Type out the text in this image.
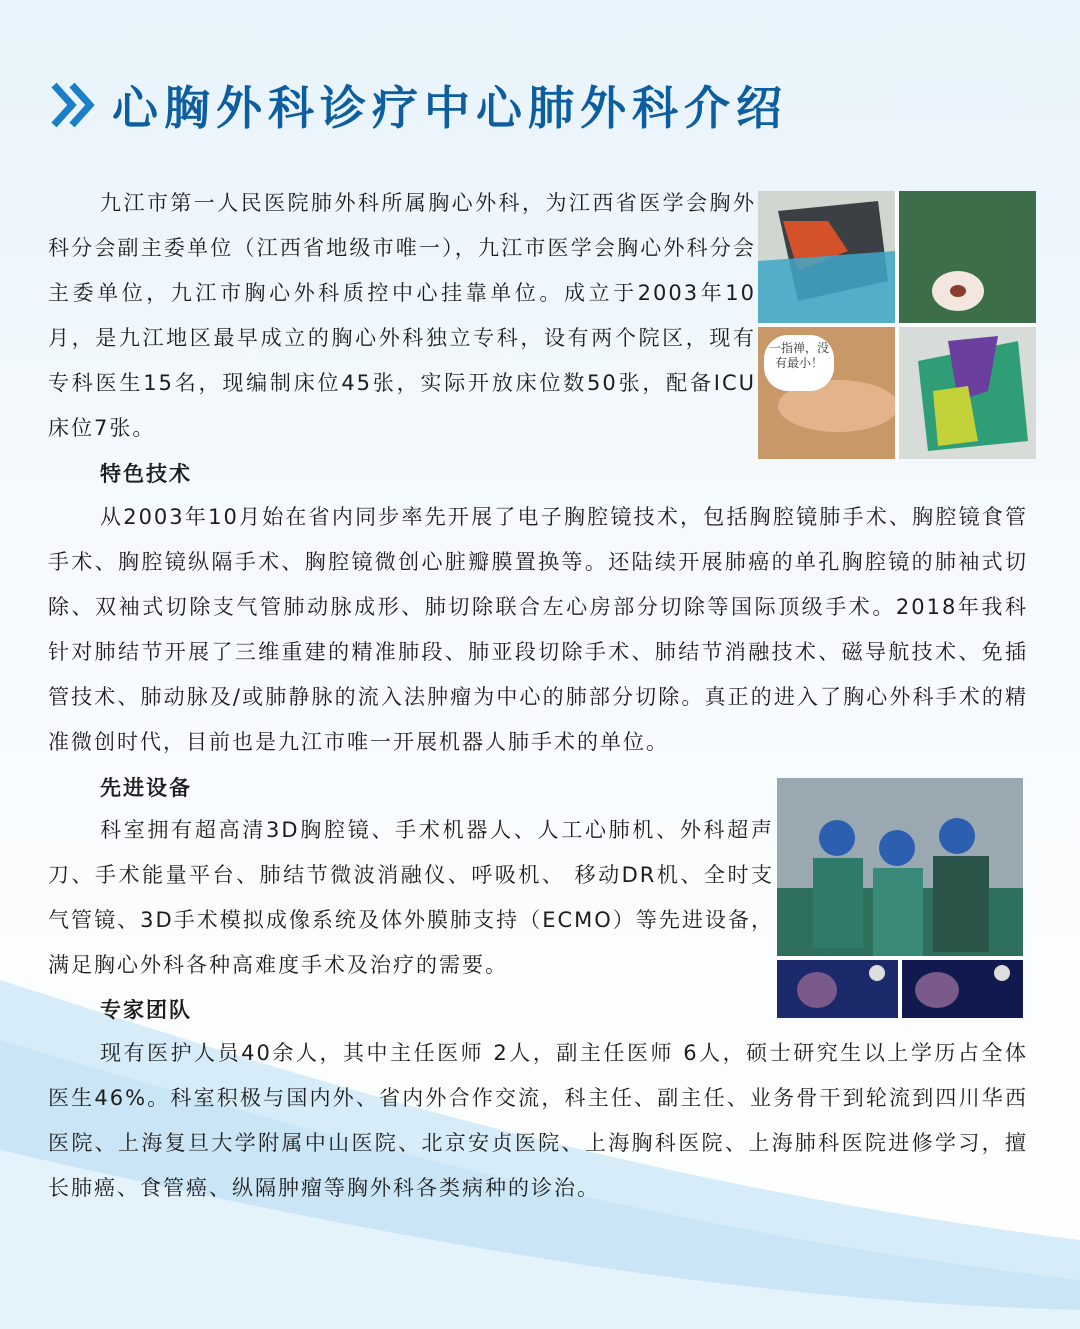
心胸外科诊疗中心肺外科介绍

九江市第一人民医院肺外科所属胸心外科，为江西省医学会胸外科分会副主委单位（江西省地级市唯一），九江市医学会胸心外科分会主委单位，九江市胸心外科质控中心挂靠单位。成立于2003年10月，是九江地区最早成立的胸心外科独立专科，设有两个院区，现有专科医生15名，现编制床位45张，实际开放床位数50张，配备ICU床位7张。

一指禅，没有最小！
特色技术

从2003年10月始在省内同步率先开展了电子胸腔镜技术，包括胸腔镜肺手术、胸腔镜食管手术、胸腔镜纵隔手术、胸腔镜微创心脏瓣膜置换等。还陆续开展肺癌的单孔胸腔镜的肺袖式切除、双袖式切除支气管肺动脉成形、肺切除联合左心房部分切除等国际顶级手术。2018年我科针对肺结节开展了三维重建的精准肺段、肺亚段切除手术、肺结节消融技术、磁导航技术、免插管技术、肺动脉及/或肺静脉的流入法肿瘤为中心的肺部分切除。真正的进入了胸心外科手术的精准微创时代，目前也是九江市唯一开展机器人肺手术的单位。

先进设备

科室拥有超高清3D胸腔镜、手术机器人、人工心肺机、外科超声刀、手术能量平台、肺结节微波消融仪、呼吸机、 移动DR机、全时支气管镜、3D手术模拟成像系统及体外膜肺支持（ECMO）等先进设备，满足胸心外科各种高难度手术及治疗的需要。

专家团队

现有医护人员40余人，其中主任医师 2人，副主任医师 6人，硕士研究生以上学历占全体医生46%。科室积极与国内外、省内外合作交流，科主任、副主任、业务骨干到轮流到四川华西医院、上海复旦大学附属中山医院、北京安贞医院、上海胸科医院、上海肺科医院进修学习，擅长肺癌、食管癌、纵隔肿瘤等胸外科各类病种的诊治。
